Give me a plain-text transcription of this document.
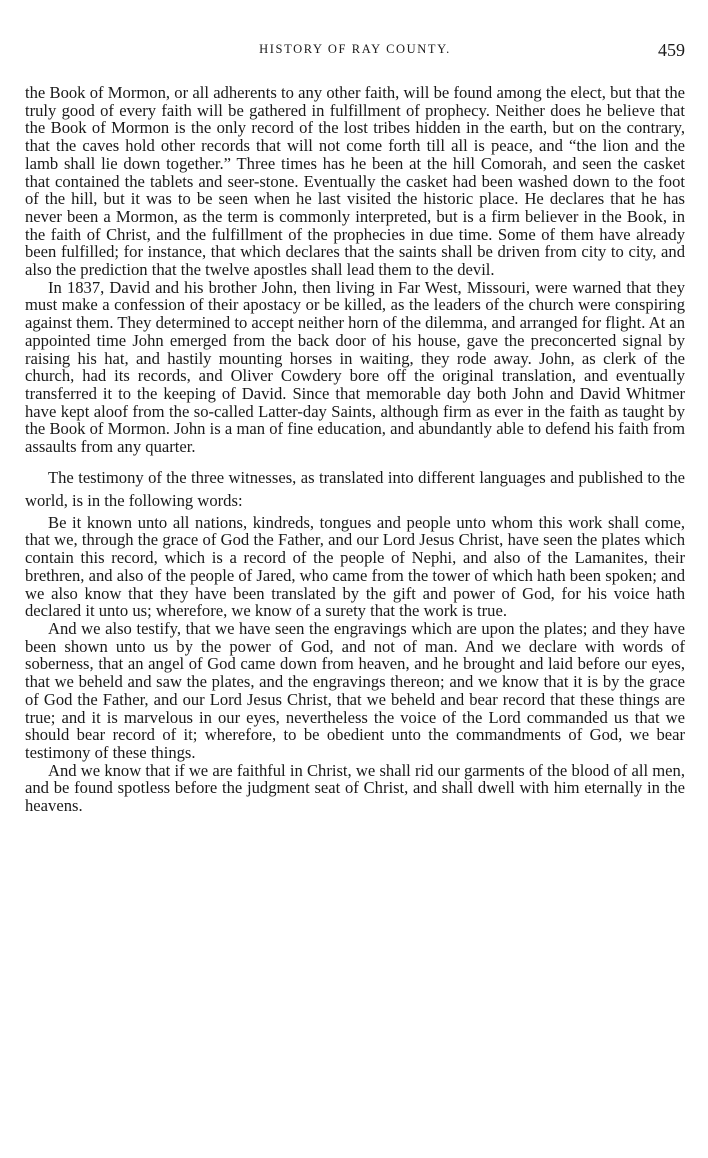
HISTORY OF RAY COUNTY.	459

the Book of Mormon, or all adherents to any other faith, will be found among the elect, but that the truly good of every faith will be gathered in fulfillment of prophecy. Neither does he believe that the Book of Mormon is the only record of the lost tribes hidden in the earth, but on the contrary, that the caves hold other records that will not come forth till all is peace, and “the lion and the lamb shall lie down together.” Three times has he been at the hill Comorah, and seen the casket that contained the tablets and seer-stone. Eventually the casket had been washed down to the foot of the hill, but it was to be seen when he last visited the historic place. He declares that he has never been a Mormon, as the term is commonly interpreted, but is a firm believer in the Book, in the faith of Christ, and the fulfillment of the prophecies in due time. Some of them have already been fulfilled; for instance, that which declares that the saints shall be driven from city to city, and also the prediction that the twelve apostles shall lead them to the devil.

In 1837, David and his brother John, then living in Far West, Missouri, were warned that they must make a confession of their apostacy or be killed, as the leaders of the church were conspiring against them. They determined to accept neither horn of the dilemma, and arranged for flight. At an appointed time John emerged from the back door of his house, gave the preconcerted signal by raising his hat, and hastily mounting horses in waiting, they rode away. John, as clerk of the church, had its records, and Oliver Cowdery bore off the original translation, and eventually transferred it to the keeping of David. Since that memorable day both John and David Whitmer have kept aloof from the so-called Latter-day Saints, although firm as ever in the faith as taught by the Book of Mormon. John is a man of fine education, and abundantly able to defend his faith from assaults from any quarter.

The testimony of the three witnesses, as translated into different languages and published to the world, is in the following words:

Be it known unto all nations, kindreds, tongues and people unto whom this work shall come, that we, through the grace of God the Father, and our Lord Jesus Christ, have seen the plates which contain this record, which is a record of the people of Nephi, and also of the Lamanites, their brethren, and also of the people of Jared, who came from the tower of which hath been spoken; and we also know that they have been translated by the gift and power of God, for his voice hath declared it unto us; wherefore, we know of a surety that the work is true.

And we also testify, that we have seen the engravings which are upon the plates; and they have been shown unto us by the power of God, and not of man. And we declare with words of soberness, that an angel of God came down from heaven, and he brought and laid before our eyes, that we beheld and saw the plates, and the engravings thereon; and we know that it is by the grace of God the Father, and our Lord Jesus Christ, that we beheld and bear record that these things are true; and it is marvelous in our eyes, nevertheless the voice of the Lord commanded us that we should bear record of it; wherefore, to be obedient unto the commandments of God, we bear testimony of these things.

And we know that if we are faithful in Christ, we shall rid our garments of the blood of all men, and be found spotless before the judgment seat of Christ, and shall dwell with him eternally in the heavens.
